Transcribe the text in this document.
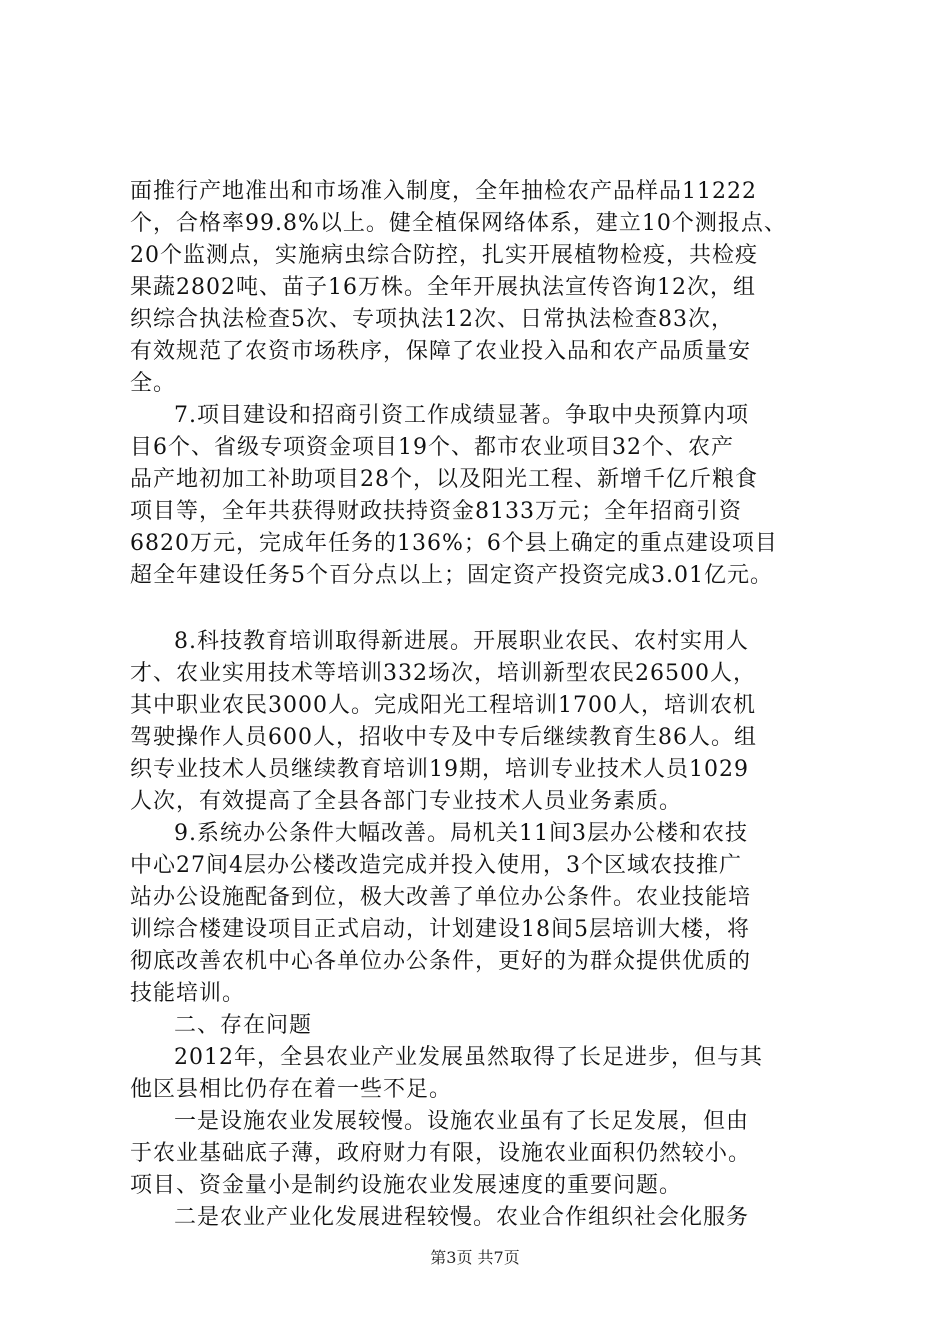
面推行产地准出和市场准入制度，全年抽检农产品样品11222
个，合格率99.8%以上。健全植保网络体系，建立10个测报点、
20个监测点，实施病虫综合防控，扎实开展植物检疫，共检疫
果蔬2802吨、苗子16万株。全年开展执法宣传咨询12次，组
织综合执法检查5次、专项执法12次、日常执法检查83次，
有效规范了农资市场秩序，保障了农业投入品和农产品质量安
全。
7.项目建设和招商引资工作成绩显著。争取中央预算内项
目6个、省级专项资金项目19个、都市农业项目32个、农产
品产地初加工补助项目28个，以及阳光工程、新增千亿斤粮食
项目等，全年共获得财政扶持资金8133万元；全年招商引资
6820万元，完成年任务的136%；6个县上确定的重点建设项目
超全年建设任务5个百分点以上；固定资产投资完成3.01亿元。
8.科技教育培训取得新进展。开展职业农民、农村实用人
才、农业实用技术等培训332场次，培训新型农民26500人，
其中职业农民3000人。完成阳光工程培训1700人，培训农机
驾驶操作人员600人，招收中专及中专后继续教育生86人。组
织专业技术人员继续教育培训19期，培训专业技术人员1029
人次，有效提高了全县各部门专业技术人员业务素质。
9.系统办公条件大幅改善。局机关11间3层办公楼和农技
中心27间4层办公楼改造完成并投入使用，3个区域农技推广
站办公设施配备到位，极大改善了单位办公条件。农业技能培
训综合楼建设项目正式启动，计划建设18间5层培训大楼，将
彻底改善农机中心各单位办公条件，更好的为群众提供优质的
技能培训。
二、存在问题
2012年，全县农业产业发展虽然取得了长足进步，但与其
他区县相比仍存在着一些不足。
一是设施农业发展较慢。设施农业虽有了长足发展，但由
于农业基础底子薄，政府财力有限，设施农业面积仍然较小。
项目、资金量小是制约设施农业发展速度的重要问题。
二是农业产业化发展进程较慢。农业合作组织社会化服务
第3页 共7页
